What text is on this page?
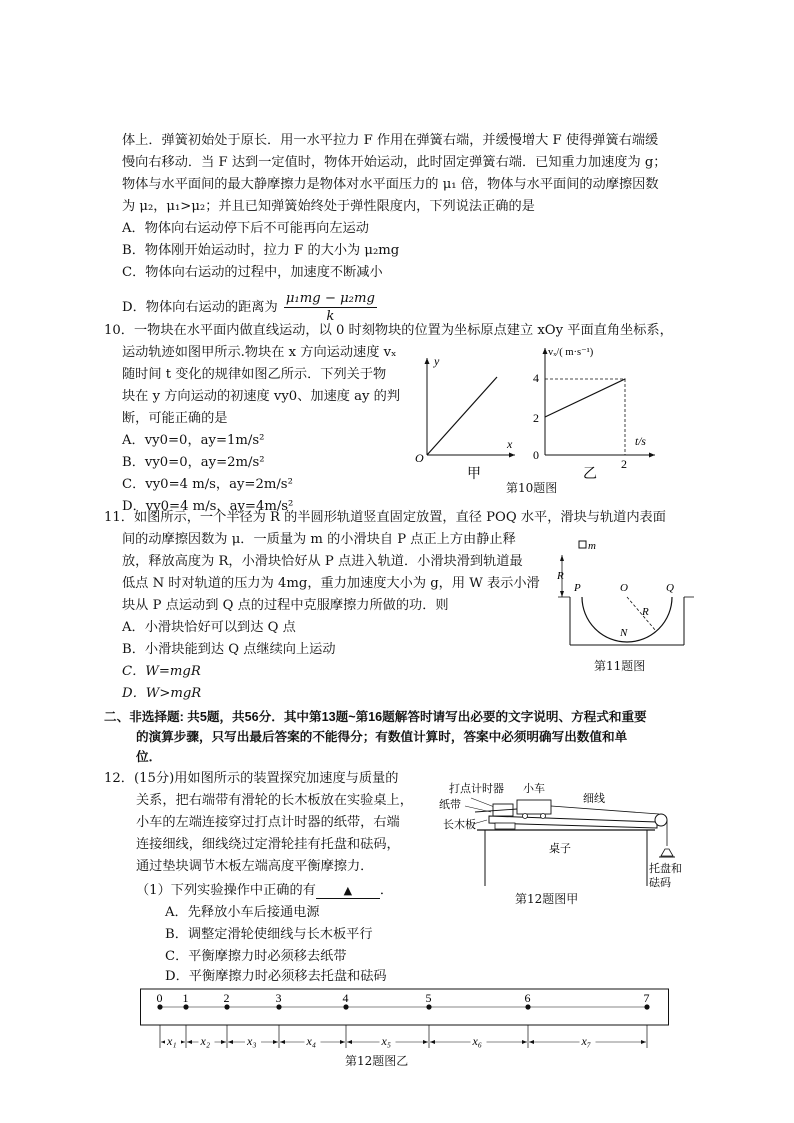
体上．弹簧初始处于原长．用一水平拉力 F 作用在弹簧右端，并缓慢增大 F 使得弹簧右端缓
慢向右移动．当 F 达到一定值时，物体开始运动，此时固定弹簧右端．已知重力加速度为 g；
物体与水平面间的最大静摩擦力是物体对水平面压力的 μ₁ 倍，物体与水平面间的动摩擦因数
为 μ₂，μ₁>μ₂；并且已知弹簧始终处于弹性限度内，下列说法正确的是
A．物体向右运动停下后不可能再向左运动
B．物体刚开始运动时，拉力 F 的大小为 μ₂mg
C．物体向右运动的过程中，加速度不断减小
D．物体向右运动的距离为 $\frac{\text{μ₁mg − μ₂mg}}{k}$
10．一物块在水平面内做直线运动，以 0 时刻物块的位置为坐标原点建立 xOy 平面直角坐标系，
运动轨迹如图甲所示.物块在 x 方向运动速度 vₓ
随时间 t 变化的规律如图乙所示．下列关于物
块在 y 方向运动的初速度 vy0、加速度 ay 的判
断，可能正确的是
A．vy0=0，ay=1m/s²
B．vy0=0，ay=2m/s²
C．vy0=4 m/s，ay=2m/s²
D．vy0=4 m/s，ay=4m/s²
y
x
O
甲
vₓ/( m·s⁻¹)
t/s
4
2
0
2
乙
第10题图
11．如图所示，一个半径为 R 的半圆形轨道竖直固定放置，直径 POQ 水平，滑块与轨道内表面
间的动摩擦因数为 μ．一质量为 m 的小滑块自 P 点正上方由静止释
放，释放高度为 R，小滑块恰好从 P 点进入轨道．小滑块滑到轨道最
低点 N 时对轨道的压力为 4mg，重力加速度大小为 g，用 W 表示小滑
块从 P 点运动到 Q 点的过程中克服摩擦力所做的功．则
A．小滑块恰好可以到达 Q 点
B．小滑块能到达 Q 点继续向上运动
C．W=mgR
D．W>mgR
m
R
P	O	Q
R
N
第11题图
二、非选择题: 共5题，共56分．其中第13题~第16题解答时请写出必要的文字说明、方程式和重要
的演算步骤，只写出最后答案的不能得分；有数值计算时，答案中必须明确写出数值和单
位．
12．(15分)用如图所示的装置探究加速度与质量的
关系，把右端带有滑轮的长木板放在实验桌上，
小车的左端连接穿过打点计时器的纸带，右端
连接细线，细线绕过定滑轮挂有托盘和砝码，
通过垫块调节木板左端高度平衡摩擦力．
（1）下列实验操作中正确的有	▲ ．
A．先释放小车后接通电源
B．调整定滑轮使细线与长木板平行
C．平衡摩擦力时必须移去纸带
D．平衡摩擦力时必须移去托盘和砝码
打点计时器 小车
纸带	细线
长木板
桌子
托盘和
砝码
第12题图甲
0 1	2	3	4	5	6	7
x₁ x₂	x₃	x₄	x₅	x₆	x₇
第12题图乙
